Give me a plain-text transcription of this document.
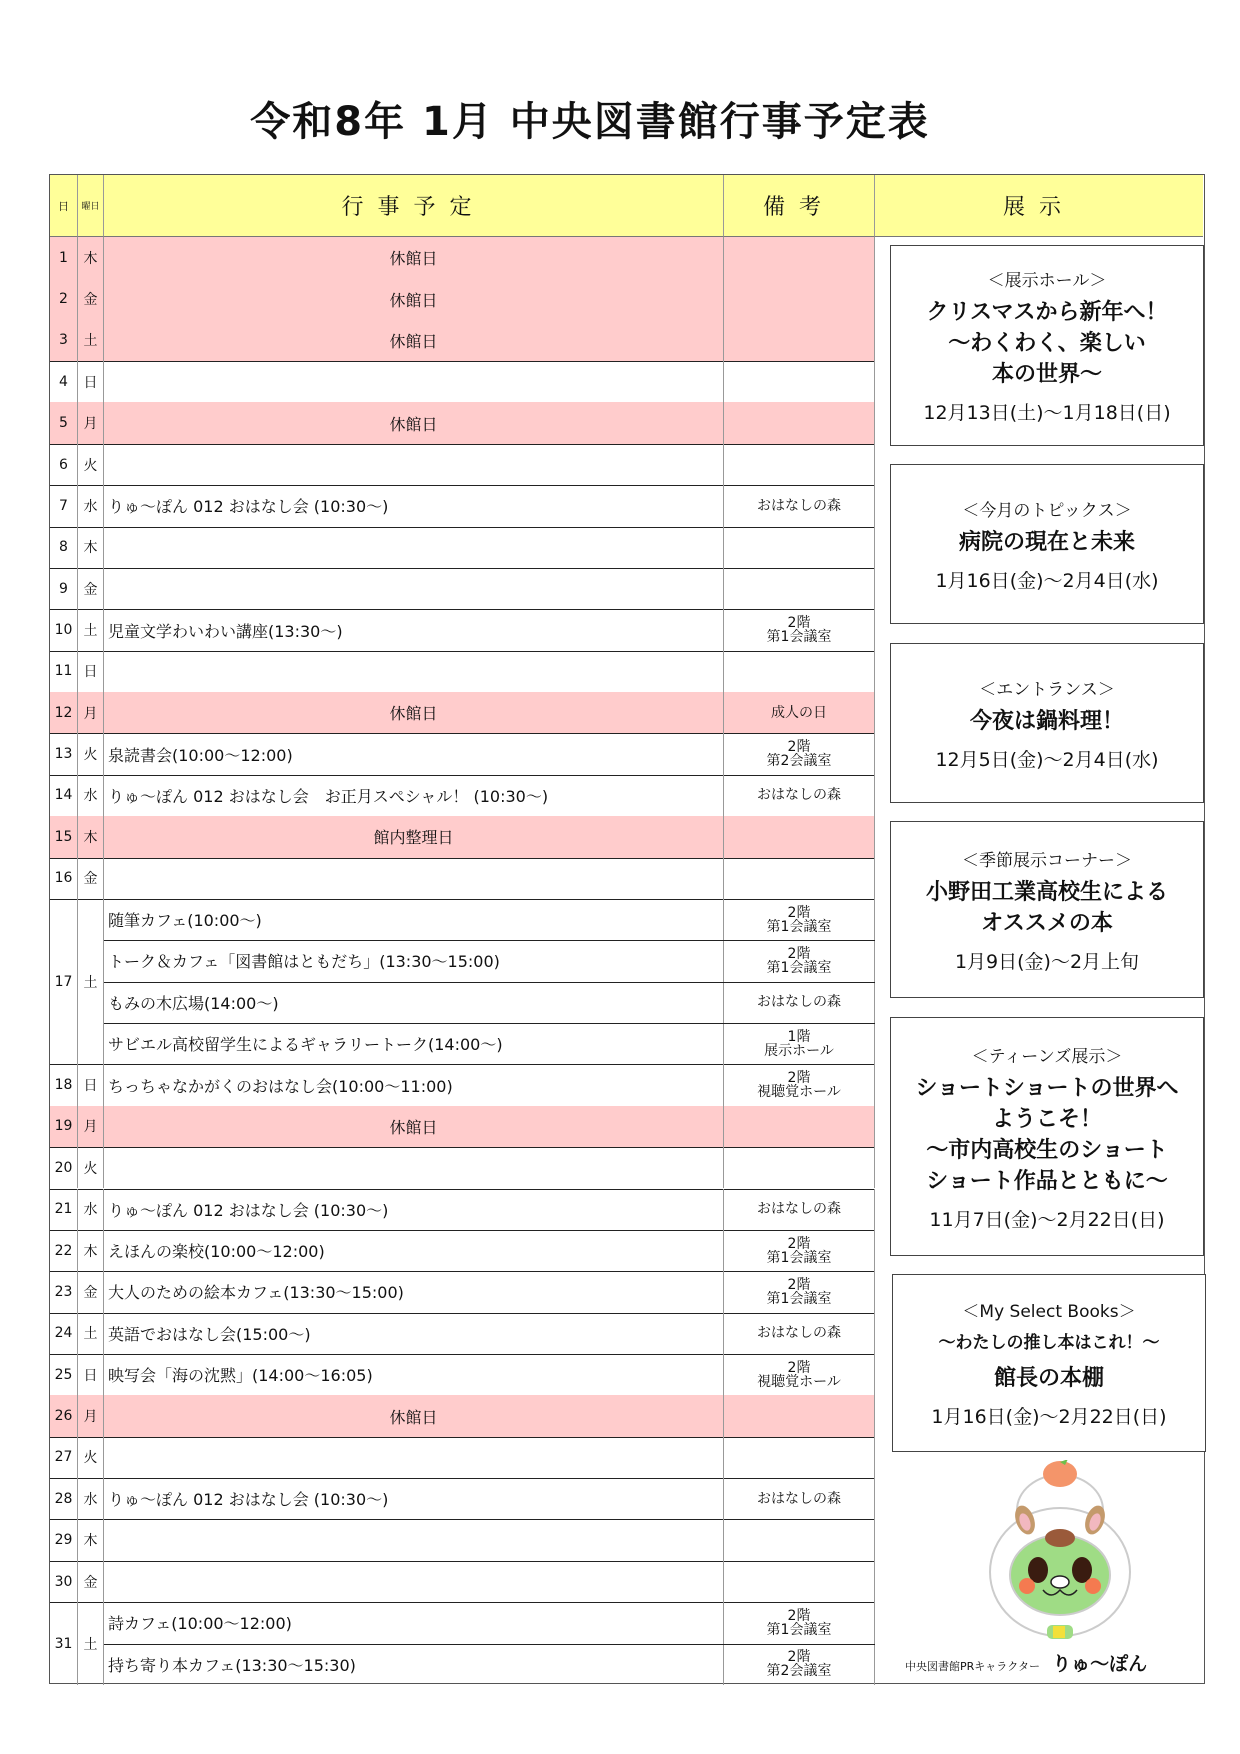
令和8年 1月 中央図書館行事予定表
日	曜日	行事予定	備考	展示
1	木	休館日
2	金	休館日
3	土	休館日
4	日
5	月	休館日
6	火
7	水 りゅ～ぽん 012 おはなし会 (10:30～)	おはなしの森
8	木
9	金
10 土 児童文学わいわい講座(13:30～)	2階
第1会議室
11 日
12 月	休館日	成人の日
13 火 泉読書会(10:00～12:00)	2階
第2会議室
14 水 りゅ～ぽん 012 おはなし会　お正月スペシャル！ (10:30～)	おはなしの森
15 木	館内整理日
16 金
17 土
随筆カフェ(10:00～)	2階
第1会議室
トーク＆カフェ「図書館はともだち」(13:30～15:00)	2階
第1会議室
もみの木広場(14:00～)	おはなしの森
サビエル高校留学生によるギャラリートーク(14:00～)	1階
展示ホール
18 日 ちっちゃなかがくのおはなし会(10:00～11:00)	2階
視聴覚ホール
19 月	休館日
20 火
21 水 りゅ～ぽん 012 おはなし会 (10:30～)	おはなしの森
22 木 えほんの楽校(10:00～12:00)	2階
第1会議室
23 金 大人のための絵本カフェ(13:30～15:00)	2階
第1会議室
24 土 英語でおはなし会(15:00～)	おはなしの森
25 日 映写会「海の沈黙」(14:00～16:05)	2階
視聴覚ホール
26 月	休館日
27 火
28 水 りゅ～ぽん 012 おはなし会 (10:30～)	おはなしの森
29 木
30 金
31 土
詩カフェ(10:00～12:00)	2階
第1会議室
持ち寄り本カフェ(13:30～15:30)	2階
第2会議室
＜展示ホール＞
クリスマスから新年へ！
～わくわく、楽しい
本の世界～
12月13日(土)～1月18日(日)
＜今月のトピックス＞
病院の現在と未来
1月16日(金)～2月4日(水)
＜エントランス＞
今夜は鍋料理！
12月5日(金)～2月4日(水)
＜季節展示コーナー＞
小野田工業高校生による
オススメの本
1月9日(金)～2月上旬
＜ティーンズ展示＞
ショートショートの世界へ
ようこそ！
～市内高校生のショート
ショート作品とともに～
11月7日(金)～2月22日(日)
＜My Select Books＞
～わたしの推し本はこれ！～
館長の本棚
1月16日(金)～2月22日(日)
中央図書館PRキャラクター りゅ～ぽん
